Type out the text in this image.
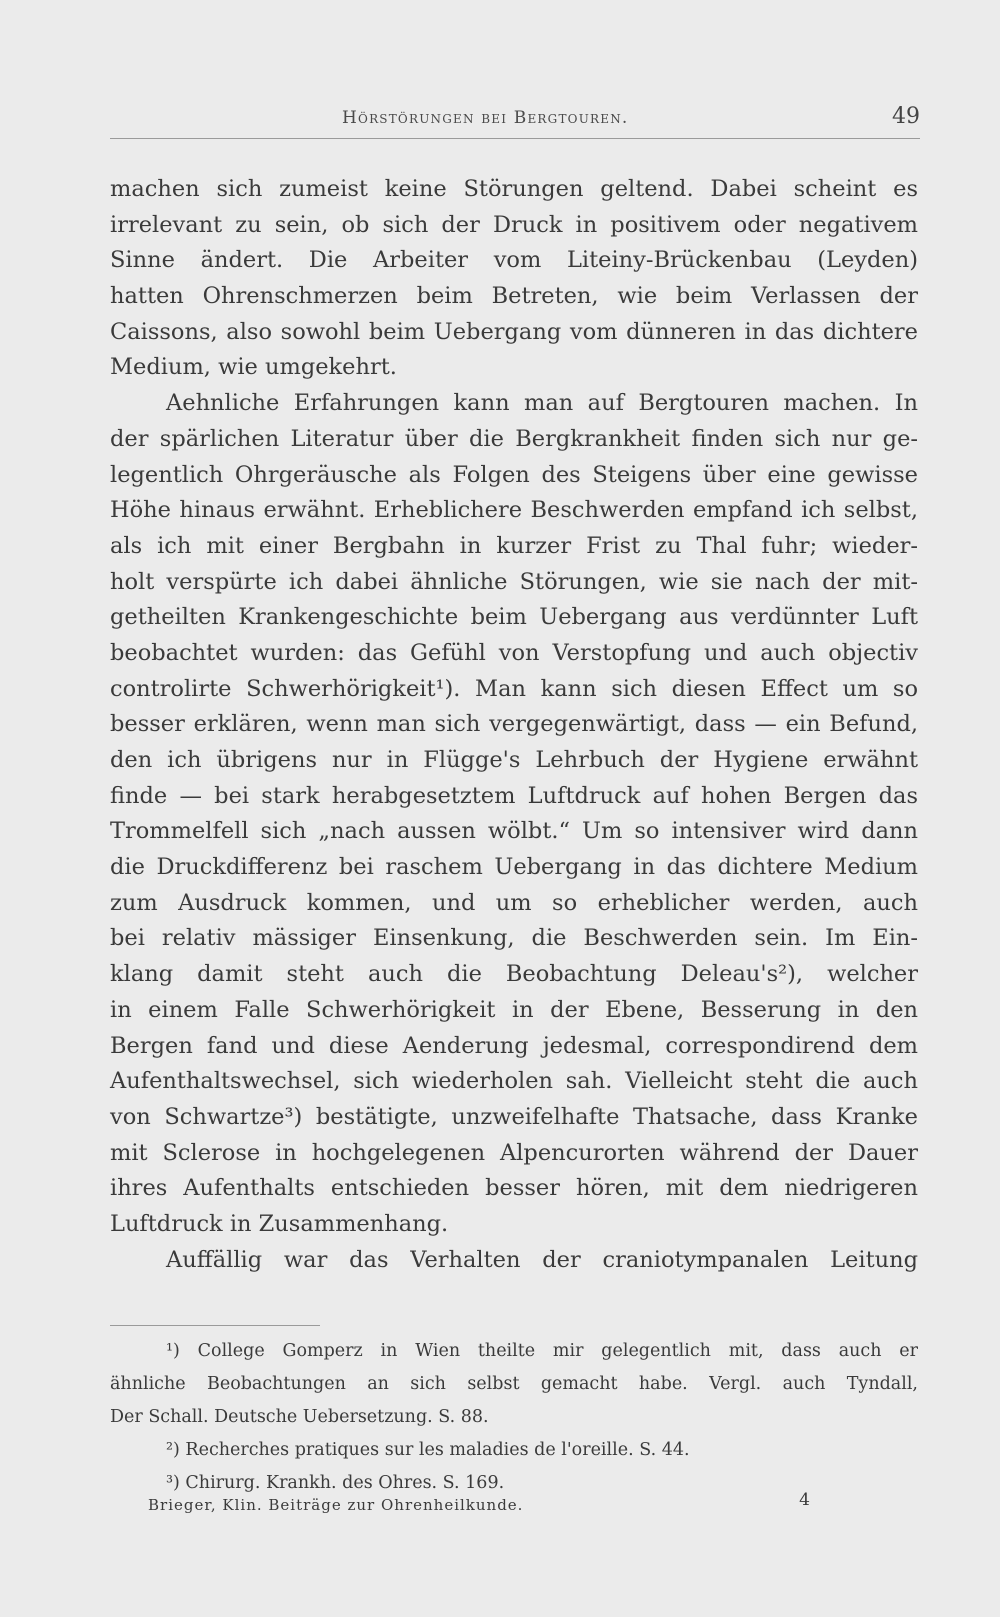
Hörstörungen bei Bergtouren.	49
machen sich zumeist keine Störungen geltend. Dabei scheint es
irrelevant zu sein, ob sich der Druck in positivem oder negativem
Sinne ändert. Die Arbeiter vom Liteiny-Brückenbau (Leyden)
hatten Ohrenschmerzen beim Betreten, wie beim Verlassen der
Caissons, also sowohl beim Uebergang vom dünneren in das dichtere
Medium, wie umgekehrt.
Aehnliche Erfahrungen kann man auf Bergtouren machen. In
der spärlichen Literatur über die Bergkrankheit finden sich nur ge-
legentlich Ohrgeräusche als Folgen des Steigens über eine gewisse
Höhe hinaus erwähnt. Erheblichere Beschwerden empfand ich selbst,
als ich mit einer Bergbahn in kurzer Frist zu Thal fuhr; wieder-
holt verspürte ich dabei ähnliche Störungen, wie sie nach der mit-
getheilten Krankengeschichte beim Uebergang aus verdünnter Luft
beobachtet wurden: das Gefühl von Verstopfung und auch objectiv
controlirte Schwerhörigkeit¹). Man kann sich diesen Effect um so
besser erklären, wenn man sich vergegenwärtigt, dass — ein Befund,
den ich übrigens nur in Flügge's Lehrbuch der Hygiene erwähnt
finde — bei stark herabgesetztem Luftdruck auf hohen Bergen das
Trommelfell sich „nach aussen wölbt.“ Um so intensiver wird dann
die Druckdifferenz bei raschem Uebergang in das dichtere Medium
zum Ausdruck kommen, und um so erheblicher werden, auch
bei relativ mässiger Einsenkung, die Beschwerden sein. Im Ein-
klang damit steht auch die Beobachtung Deleau's²), welcher
in einem Falle Schwerhörigkeit in der Ebene, Besserung in den
Bergen fand und diese Aenderung jedesmal, correspondirend dem
Aufenthaltswechsel, sich wiederholen sah. Vielleicht steht die auch
von Schwartze³) bestätigte, unzweifelhafte Thatsache, dass Kranke
mit Sclerose in hochgelegenen Alpencurorten während der Dauer
ihres Aufenthalts entschieden besser hören, mit dem niedrigeren
Luftdruck in Zusammenhang.
Auffällig war das Verhalten der craniotympanalen Leitung
¹) College Gomperz in Wien theilte mir gelegentlich mit, dass auch er
ähnliche Beobachtungen an sich selbst gemacht habe. Vergl. auch Tyndall,
Der Schall. Deutsche Uebersetzung. S. 88.
²) Recherches pratiques sur les maladies de l'oreille. S. 44.
³) Chirurg. Krankh. des Ohres. S. 169.
Brieger, Klin. Beiträge zur Ohrenheilkunde.	4
